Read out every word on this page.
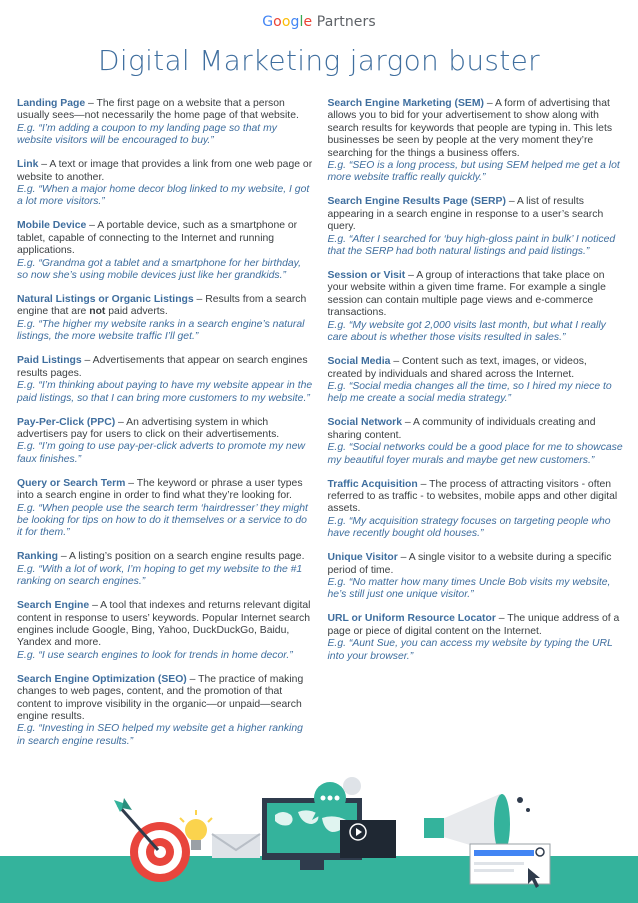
Google Partners
Digital Marketing jargon buster

Landing Page – The first page on a website that a person usually sees—not necessarily the home page of that website.
E.g. “I’m adding a coupon to my landing page so that my website visitors will be encouraged to buy.”

Link – A text or image that provides a link from one web page or website to another.
E.g. “When a major home decor blog linked to my website, I got a lot more visitors.”

Mobile Device – A portable device, such as a smartphone or tablet, capable of connecting to the Internet and running applications.
E.g. “Grandma got a tablet and a smartphone for her birthday, so now she’s using mobile devices just like her grandkids.”

Natural Listings or Organic Listings – Results from a search engine that are not paid adverts.
E.g. “The higher my website ranks in a search engine’s natural listings, the more website traffic I’ll get.”

Paid Listings – Advertisements that appear on search engines results pages.
E.g. “I’m thinking about paying to have my website appear in the paid listings, so that I can bring more customers to my website.”

Pay-Per-Click (PPC) – An advertising system in which advertisers pay for users to click on their advertisements.
E.g. “I’m going to use pay-per-click adverts to promote my new faux finishes.”

Query or Search Term – The keyword or phrase a user types into a search engine in order to find what they’re looking for.
E.g. “When people use the search term ‘hairdresser’ they might be looking for tips on how to do it themselves or a service to do it for them.”

Ranking – A listing’s position on a search engine results page.
E.g. “With a lot of work, I’m hoping to get my website to the #1 ranking on search engines.”

Search Engine – A tool that indexes and returns relevant digital content in response to users’ keywords. Popular Internet search engines include Google, Bing, Yahoo, DuckDuckGo, Baidu, Yandex and more.
E.g. “I use search engines to look for trends in home decor.”

Search Engine Optimization (SEO) – The practice of making changes to web pages, content, and the promotion of that content to improve visibility in the organic—or unpaid—search engine results.
E.g. “Investing in SEO helped my website get a higher ranking in search engine results.”

Search Engine Marketing (SEM) – A form of advertising that allows you to bid for your advertisement to show along with search results for keywords that people are typing in. This lets businesses be seen by people at the very moment they’re searching for the things a business offers.
E.g. “SEO is a long process, but using SEM helped me get a lot more website traffic really quickly.”

Search Engine Results Page (SERP) – A list of results appearing in a search engine in response to a user’s search query.
E.g. “After I searched for ‘buy high-gloss paint in bulk’ I noticed that the SERP had both natural listings and paid listings.”

Session or Visit – A group of interactions that take place on your website within a given time frame. For example a single session can contain multiple page views and e-commerce transactions.
E.g. “My website got 2,000 visits last month, but what I really care about is whether those visits resulted in sales.”

Social Media – Content such as text, images, or videos, created by individuals and shared across the Internet.
E.g. “Social media changes all the time, so I hired my niece to help me create a social media strategy.”

Social Network – A community of individuals creating and sharing content.
E.g. “Social networks could be a good place for me to showcase my beautiful foyer murals and maybe get new customers.”

Traffic Acquisition – The process of attracting visitors - often referred to as traffic - to websites, mobile apps and other digital assets.
E.g. “My acquisition strategy focuses on targeting people who have recently bought old houses.”

Unique Visitor – A single visitor to a website during a specific period of time.
E.g. “No matter how many times Uncle Bob visits my website, he’s still just one unique visitor.”

URL or Uniform Resource Locator – The unique address of a page or piece of digital content on the Internet.
E.g. “Aunt Sue, you can access my website by typing the URL into your browser.”
